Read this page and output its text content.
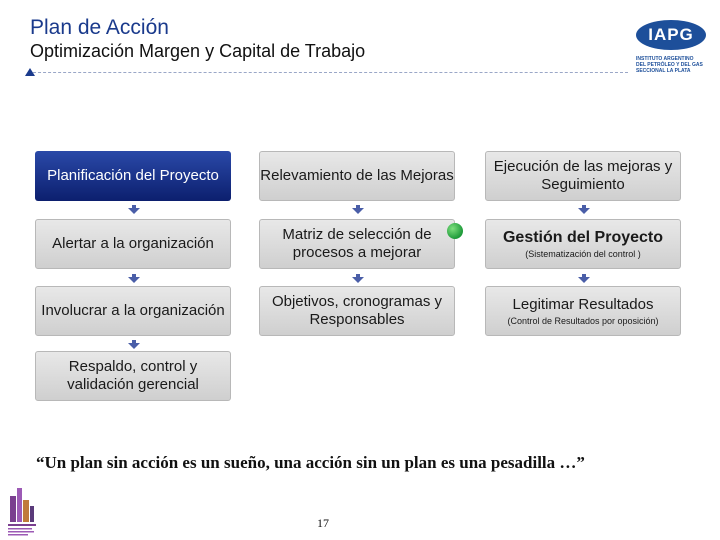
Plan de Acción
Optimización Margen y Capital de Trabajo
IAPG
INSTITUTO ARGENTINO
DEL PETRÓLEO Y DEL GAS
SECCIONAL LA PLATA
Planificación del Proyecto
Alertar a la organización
Involucrar a la organización
Respaldo, control y validación gerencial
Relevamiento de las Mejoras
Matriz de selección de procesos a mejorar
Objetivos, cronogramas y Responsables
Ejecución de las mejoras y Seguimiento
Gestión del Proyecto
(Sistematización del control )
Legitimar Resultados
(Control de Resultados por oposición)
“Un plan sin acción es un sueño, una acción sin un plan es una pesadilla …”
17
